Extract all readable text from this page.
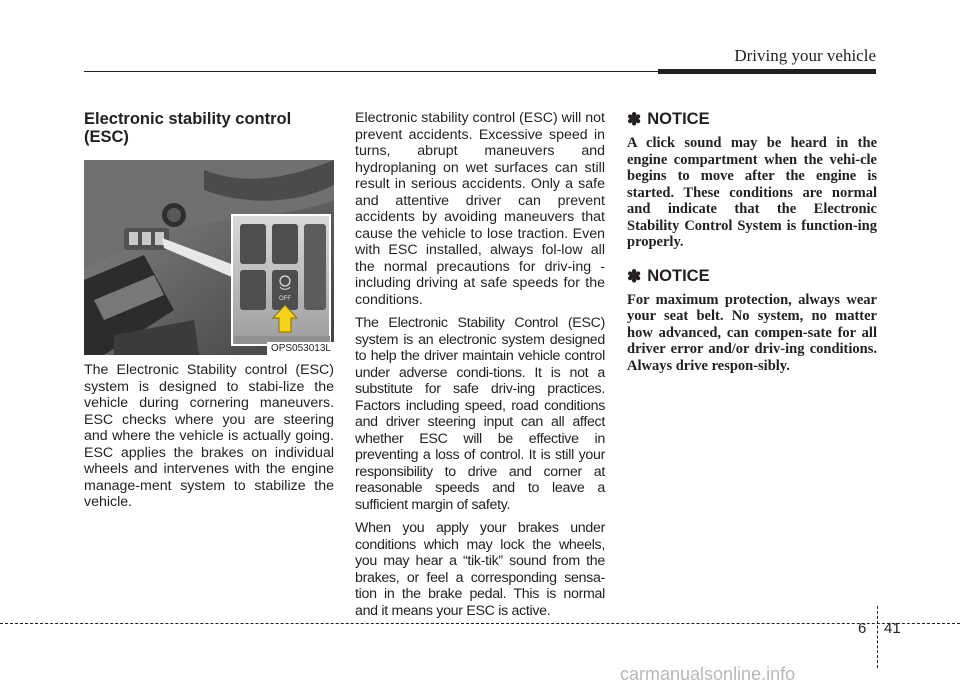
Driving your vehicle
Electronic stability control (ESC)
OFF
OPS053013L

The Electronic Stability control (ESC) system is designed to stabi-lize the vehicle during cornering maneuvers. ESC checks where you are steering and where the vehicle is actually going. ESC applies the brakes on individual wheels and intervenes with the engine manage-ment system to stabilize the vehicle.

Electronic stability control (ESC) will not prevent accidents. Excessive speed in turns, abrupt maneuvers and hydroplaning on wet surfaces can still result in serious accidents. Only a safe and attentive driver can prevent accidents by avoiding maneuvers that cause the vehicle to lose traction. Even with ESC installed, always fol-low all the normal precautions for driv-ing - including driving at safe speeds for the conditions.

The Electronic Stability Control (ESC) system is an electronic system designed to help the driver maintain vehicle control under adverse condi-tions. It is not a substitute for safe driv-ing practices. Factors including speed, road conditions and driver steering input can all affect whether ESC will be effective in preventing a loss of control. It is still your responsibility to drive and corner at reasonable speeds and to leave a sufficient margin of safety.

When you apply your brakes under conditions which may lock the wheels, you may hear a “tik-tik” sound from the brakes, or feel a corresponding sensa-tion in the brake pedal. This is normal and it means your ESC is active.

✽ NOTICE

A click sound may be heard in the engine compartment when the vehi-cle begins to move after the engine is started. These conditions are normal and indicate that the Electronic Stability Control System is function-ing properly.

✽ NOTICE

For maximum protection, always wear your seat belt. No system, no matter how advanced, can compen-sate for all driver error and/or driv-ing conditions. Always drive respon-sibly.

6 41
carmanualsonline.info
